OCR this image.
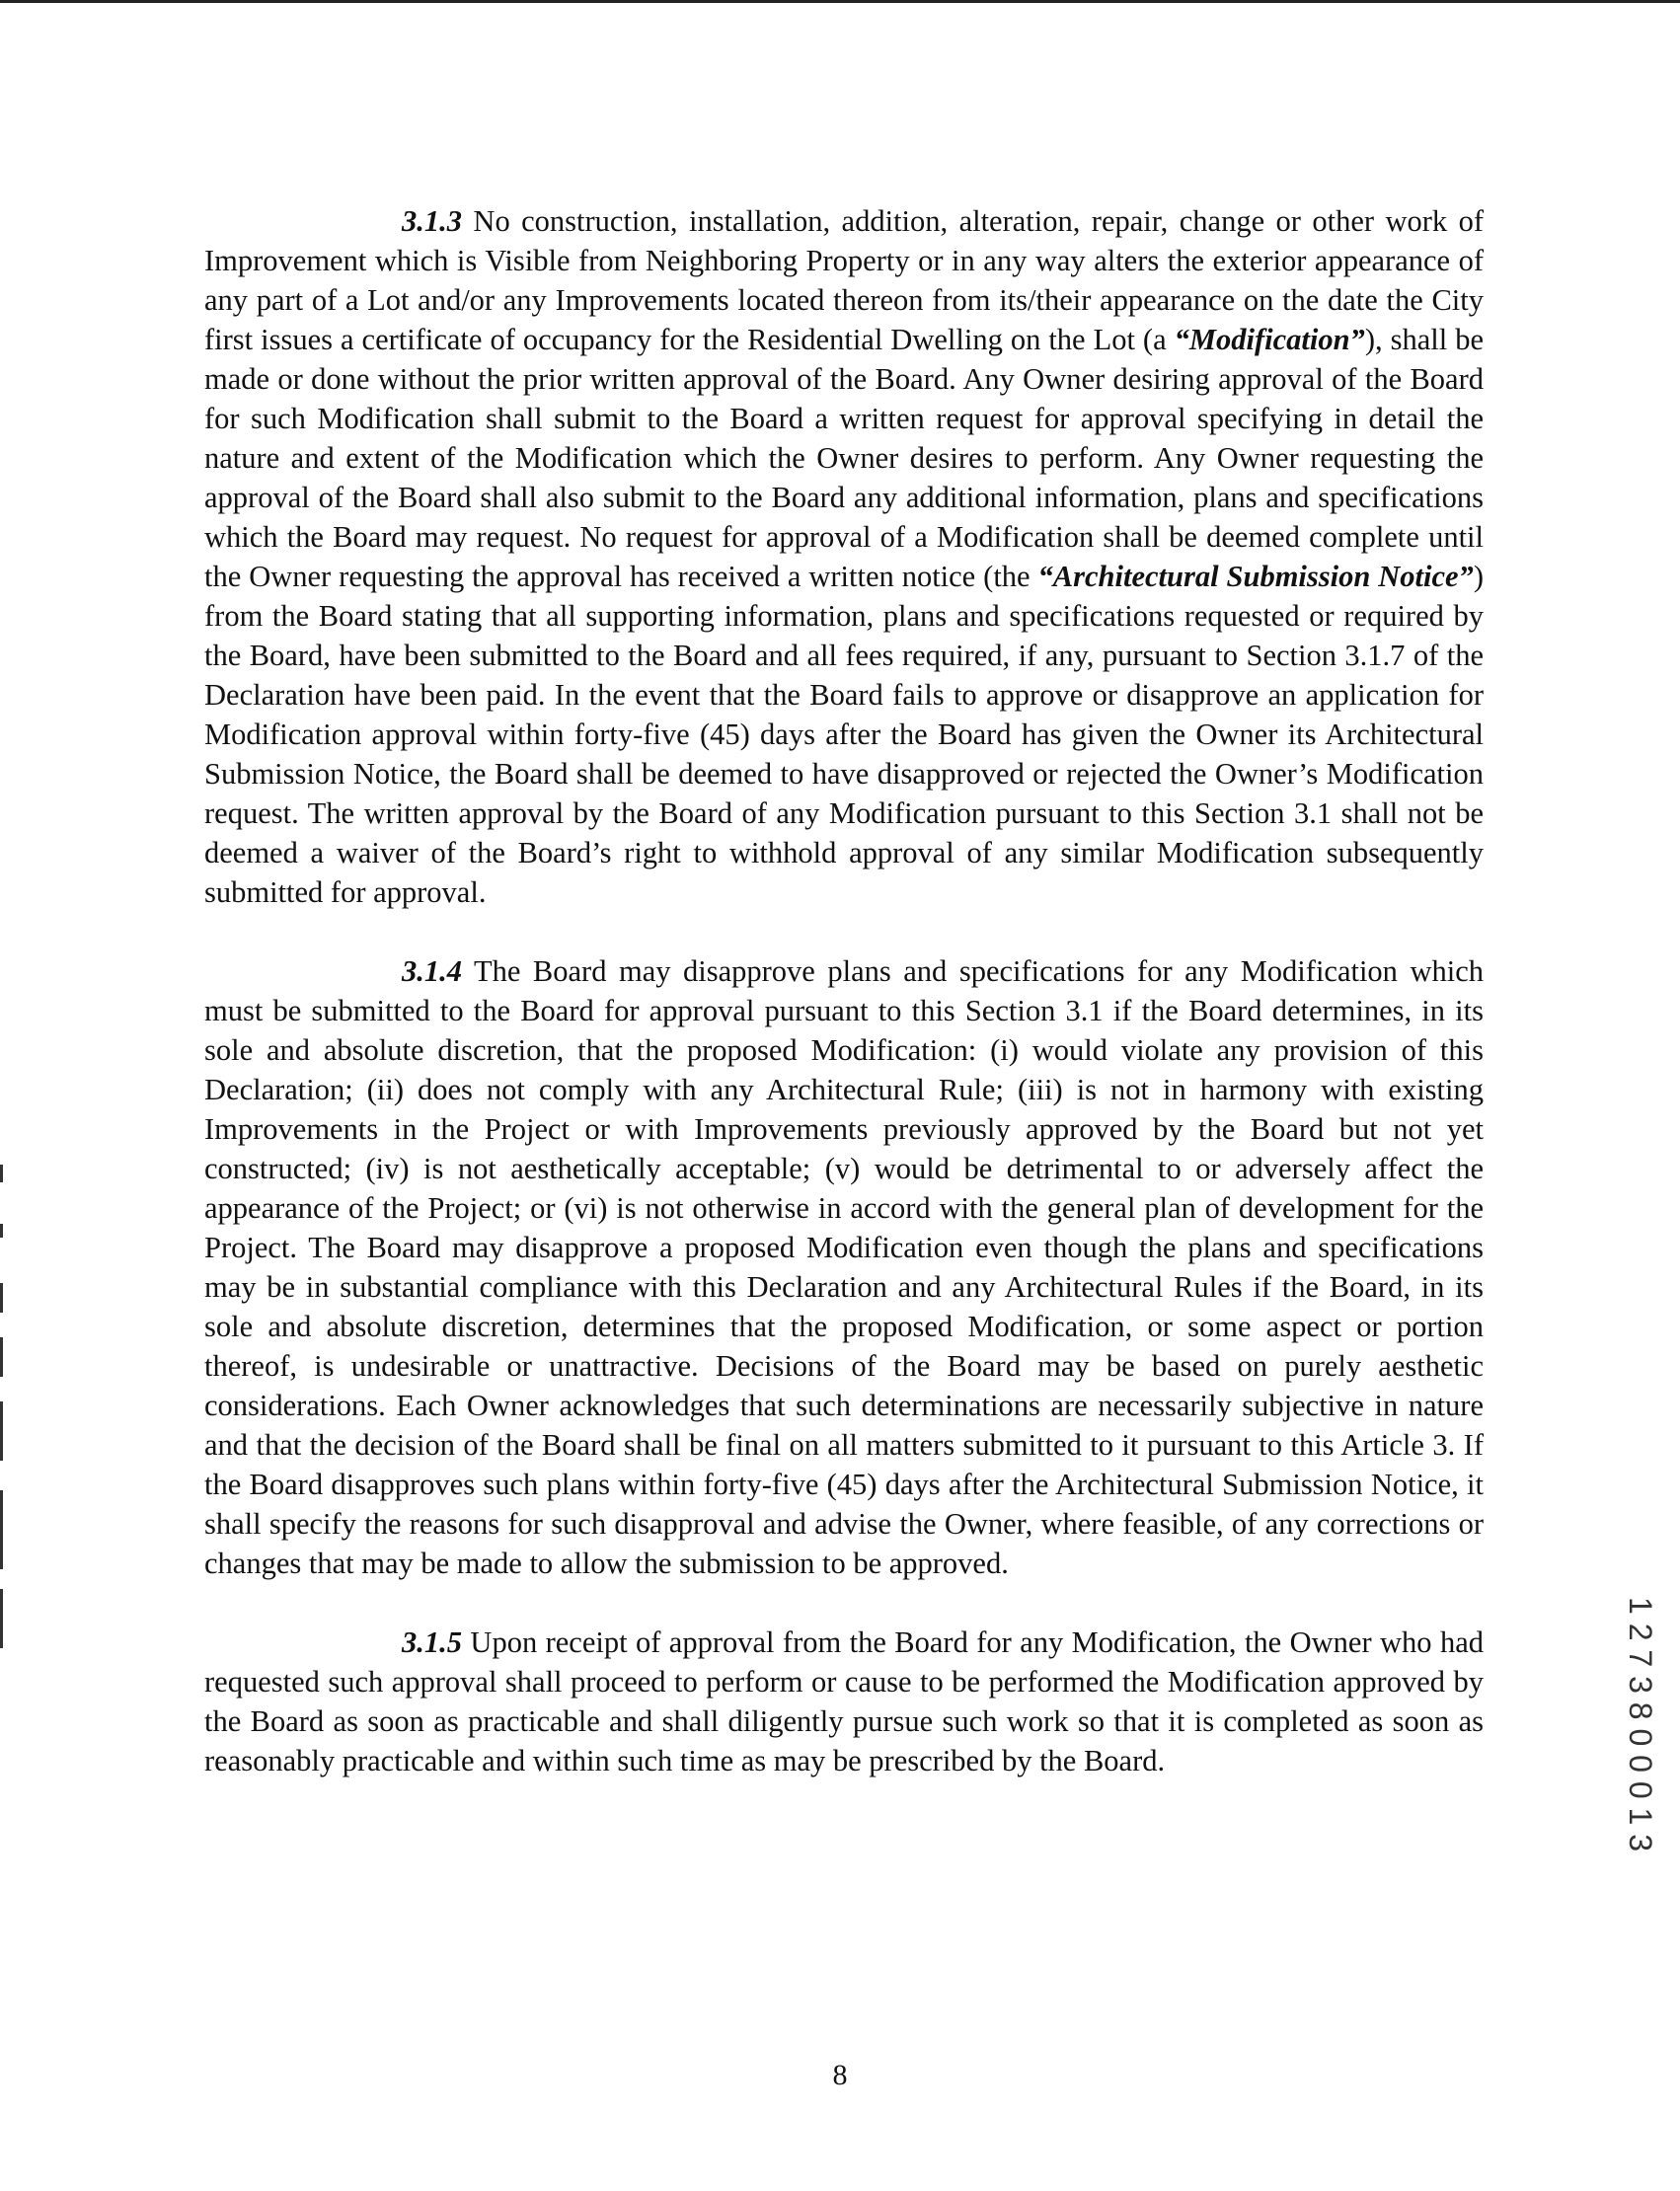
3.1.3 No construction, installation, addition, alteration, repair, change or other work of Improvement which is Visible from Neighboring Property or in any way alters the exterior appearance of any part of a Lot and/or any Improvements located thereon from its/their appearance on the date the City first issues a certificate of occupancy for the Residential Dwelling on the Lot (a “Modification”), shall be made or done without the prior written approval of the Board. Any Owner desiring approval of the Board for such Modification shall submit to the Board a written request for approval specifying in detail the nature and extent of the Modification which the Owner desires to perform. Any Owner requesting the approval of the Board shall also submit to the Board any additional information, plans and specifications which the Board may request. No request for approval of a Modification shall be deemed complete until the Owner requesting the approval has received a written notice (the “Architectural Submission Notice”) from the Board stating that all supporting information, plans and specifications requested or required by the Board, have been submitted to the Board and all fees required, if any, pursuant to Section 3.1.7 of the Declaration have been paid. In the event that the Board fails to approve or disapprove an application for Modification approval within forty-five (45) days after the Board has given the Owner its Architectural Submission Notice, the Board shall be deemed to have disapproved or rejected the Owner’s Modification request. The written approval by the Board of any Modification pursuant to this Section 3.1 shall not be deemed a waiver of the Board’s right to withhold approval of any similar Modification subsequently submitted for approval.

3.1.4 The Board may disapprove plans and specifications for any Modification which must be submitted to the Board for approval pursuant to this Section 3.1 if the Board determines, in its sole and absolute discretion, that the proposed Modification: (i) would violate any provision of this Declaration; (ii) does not comply with any Architectural Rule; (iii) is not in harmony with existing Improvements in the Project or with Improvements previously approved by the Board but not yet constructed; (iv) is not aesthetically acceptable; (v) would be detrimental to or adversely affect the appearance of the Project; or (vi) is not otherwise in accord with the general plan of development for the Project. The Board may disapprove a proposed Modification even though the plans and specifications may be in substantial compliance with this Declaration and any Architectural Rules if the Board, in its sole and absolute discretion, determines that the proposed Modification, or some aspect or portion thereof, is undesirable or unattractive. Decisions of the Board may be based on purely aesthetic considerations. Each Owner acknowledges that such determinations are necessarily subjective in nature and that the decision of the Board shall be final on all matters submitted to it pursuant to this Article 3. If the Board disapproves such plans within forty-five (45) days after the Architectural Submission Notice, it shall specify the reasons for such disapproval and advise the Owner, where feasible, of any corrections or changes that may be made to allow the submission to be approved.

3.1.5 Upon receipt of approval from the Board for any Modification, the Owner who had requested such approval shall proceed to perform or cause to be performed the Modification approved by the Board as soon as practicable and shall diligently pursue such work so that it is completed as soon as reasonably practicable and within such time as may be prescribed by the Board.	1 2 7 3 8 0 0 0 1 3
8
